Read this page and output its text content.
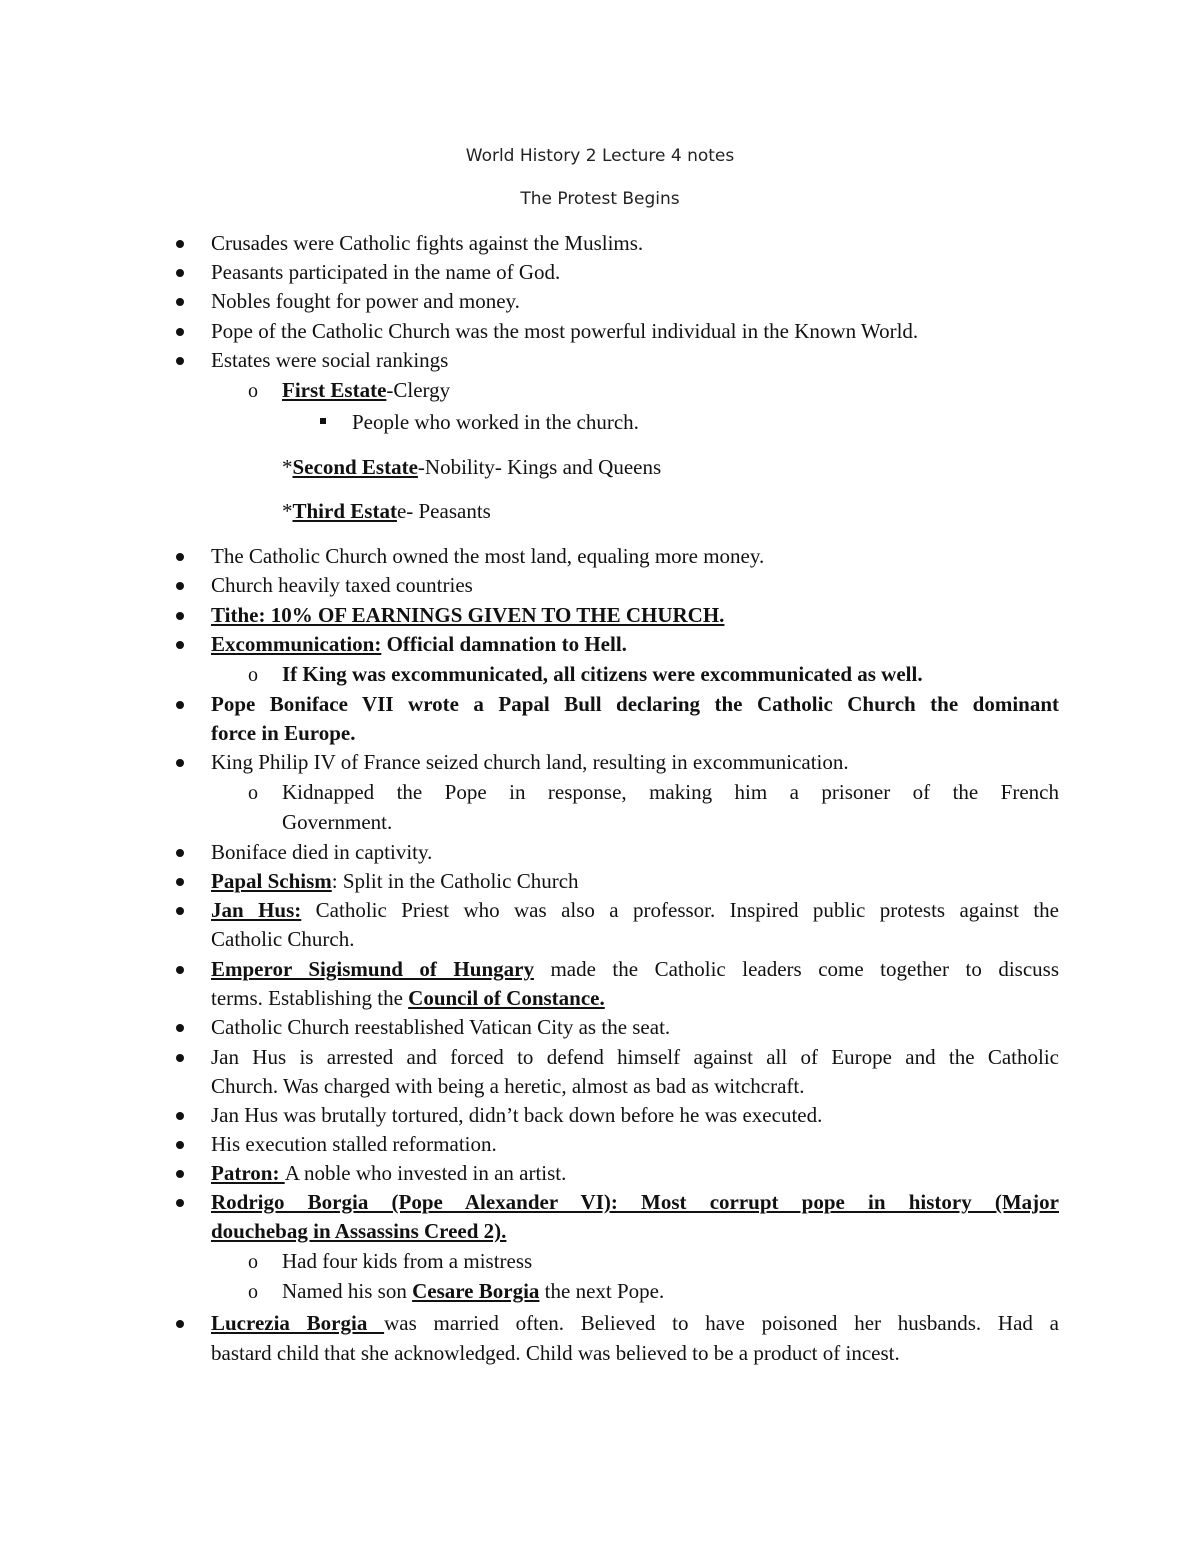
World History 2 Lecture 4 notes
The Protest Begins
Crusades were Catholic fights against the Muslims.
Peasants participated in the name of God.
Nobles fought for power and money.
Pope of the Catholic Church was the most powerful individual in the Known World.
Estates were social rankings
o First Estate-Clergy
People who worked in the church.
*Second Estate-Nobility- Kings and Queens
*Third Estate- Peasants
The Catholic Church owned the most land, equaling more money.
Church heavily taxed countries
Tithe: 10% OF EARNINGS GIVEN TO THE CHURCH.
Excommunication: Official damnation to Hell.
o If King was excommunicated, all citizens were excommunicated as well.
Pope Boniface VII wrote a Papal Bull declaring the Catholic Church the dominant
force in Europe.
King Philip IV of France seized church land, resulting in excommunication.
o Kidnapped the Pope in response, making him a prisoner of the French
Government.
Boniface died in captivity.
Papal Schism: Split in the Catholic Church
Jan Hus: Catholic Priest who was also a professor. Inspired public protests against the
Catholic Church.
Emperor Sigismund of Hungary made the Catholic leaders come together to discuss
terms. Establishing the Council of Constance.
Catholic Church reestablished Vatican City as the seat.
Jan Hus is arrested and forced to defend himself against all of Europe and the Catholic
Church. Was charged with being a heretic, almost as bad as witchcraft.
Jan Hus was brutally tortured, didn’t back down before he was executed.
His execution stalled reformation.
Patron: A noble who invested in an artist.
Rodrigo Borgia (Pope Alexander VI): Most corrupt pope in history (Major
douchebag in Assassins Creed 2).
o Had four kids from a mistress
o Named his son Cesare Borgia the next Pope.
Lucrezia Borgia was married often. Believed to have poisoned her husbands. Had a
bastard child that she acknowledged. Child was believed to be a product of incest.
